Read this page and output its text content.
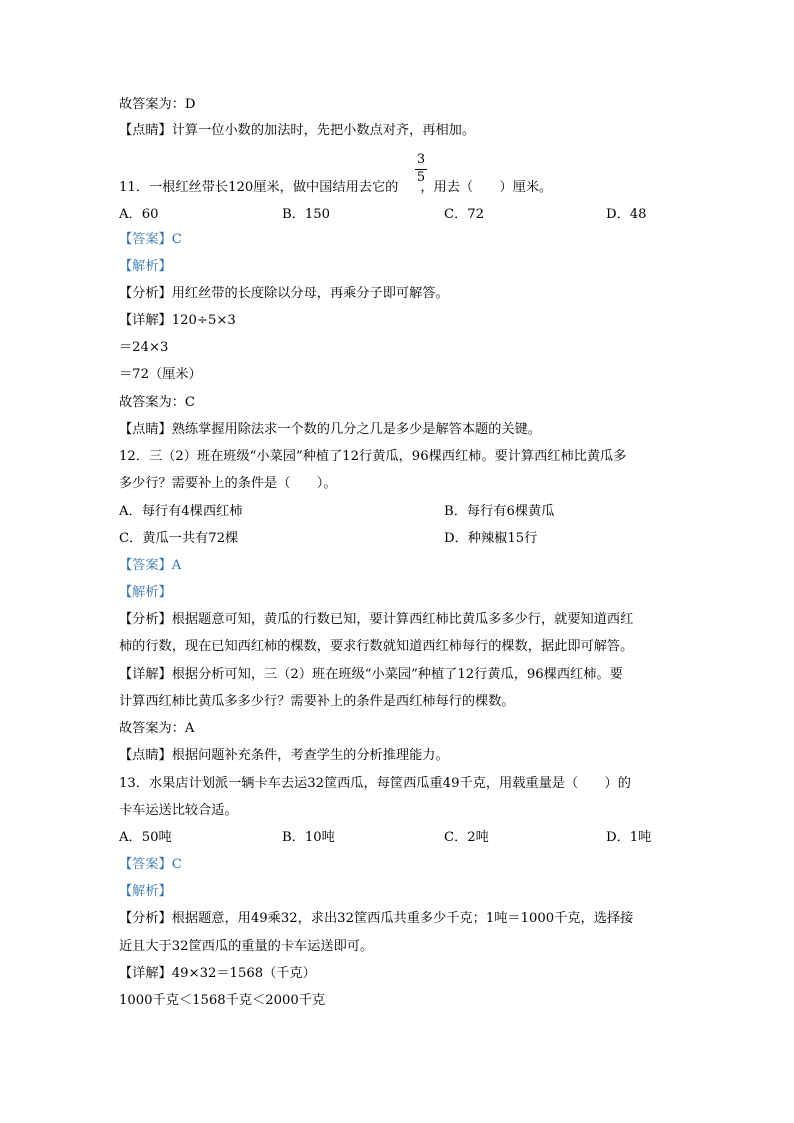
故答案为：D
【点睛】计算一位小数的加法时，先把小数点对齐，再相加。
11．一根红丝带长120厘米，做中国结用去它的 ，用去（　　）厘米。
3
5
A．60	B．150	C．72	D．48
【答案】C
【解析】
【分析】用红丝带的长度除以分母，再乘分子即可解答。
【详解】120÷5×3
＝24×3
＝72（厘米）
故答案为：C
【点睛】熟练掌握用除法求一个数的几分之几是多少是解答本题的关键。
12．三（2）班在班级“小菜园”种植了12行黄瓜，96棵西红柿。要计算西红柿比黄瓜多
多少行？需要补上的条件是（　　）。
A．每行有4棵西红柿	B．每行有6棵黄瓜
C．黄瓜一共有72棵	D．种辣椒15行
【答案】A
【解析】
【分析】根据题意可知，黄瓜的行数已知，要计算西红柿比黄瓜多多少行，就要知道西红
柿的行数，现在已知西红柿的棵数，要求行数就知道西红柿每行的棵数，据此即可解答。
【详解】根据分析可知，三（2）班在班级“小菜园”种植了12行黄瓜，96棵西红柿。要
计算西红柿比黄瓜多多少行？需要补上的条件是西红柿每行的棵数。
故答案为：A
【点睛】根据问题补充条件，考查学生的分析推理能力。
13．水果店计划派一辆卡车去运32筐西瓜，每筐西瓜重49千克，用载重量是（　　）的
卡车运送比较合适。
A．50吨	B．10吨	C．2吨	D．1吨
【答案】C
【解析】
【分析】根据题意，用49乘32，求出32筐西瓜共重多少千克；1吨＝1000千克，选择接
近且大于32筐西瓜的重量的卡车运送即可。
【详解】49×32＝1568（千克）
1000千克＜1568千克＜2000千克
